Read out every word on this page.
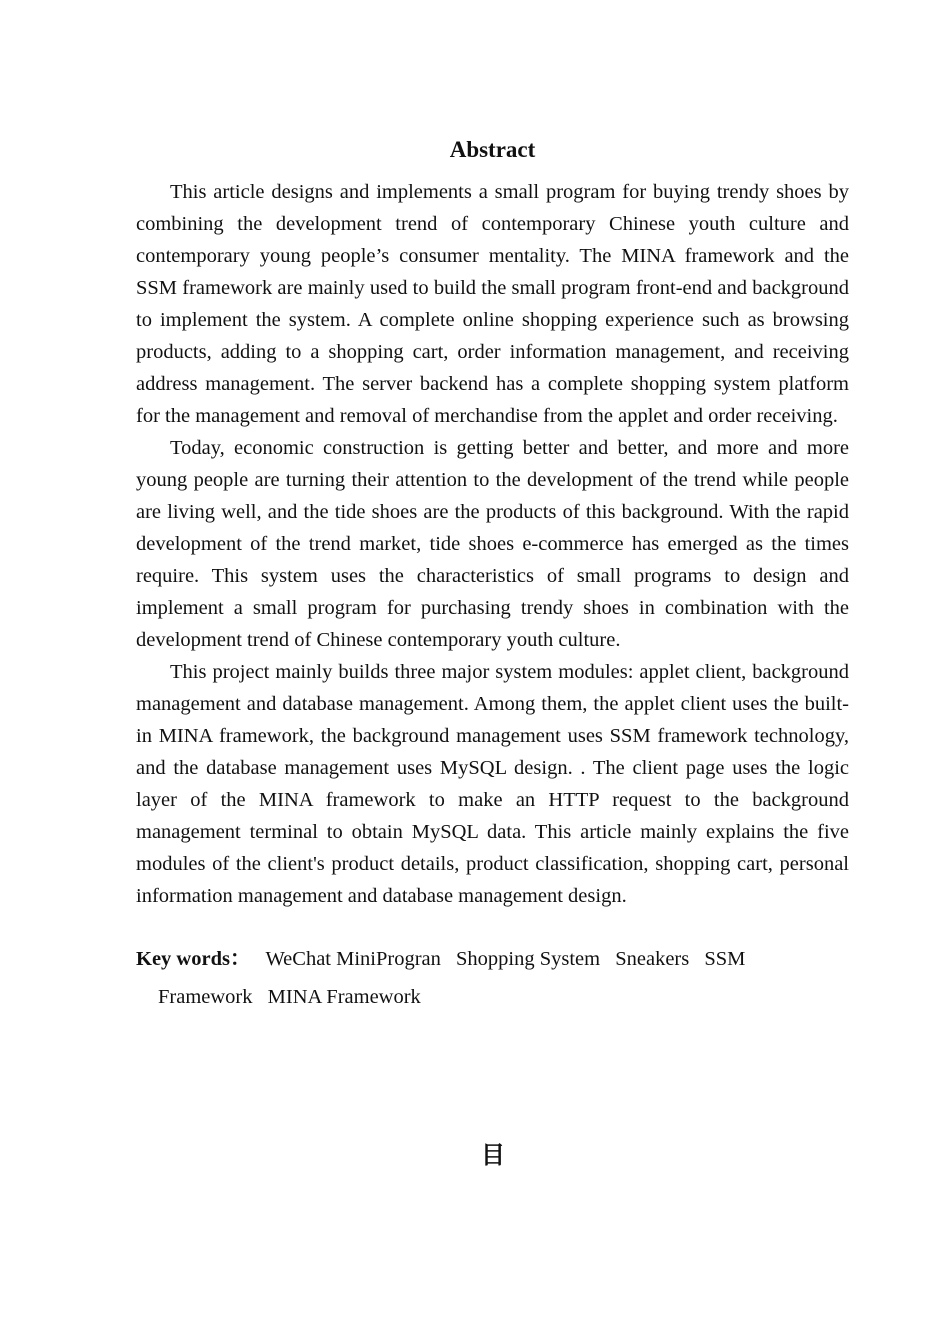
Abstract

This article designs and implements a small program for buying trendy shoes by combining the development trend of contemporary Chinese youth culture and contemporary young people’s consumer mentality. The MINA framework and the SSM framework are mainly used to build the small program front-end and background to implement the system. A complete online shopping experience such as browsing products, adding to a shopping cart, order information management, and receiving address management. The server backend has a complete shopping system platform for the management and removal of merchandise from the applet and order receiving.

Today, economic construction is getting better and better, and more and more young people are turning their attention to the development of the trend while people are living well, and the tide shoes are the products of this background. With the rapid development of the trend market, tide shoes e-commerce has emerged as the times require. This system uses the characteristics of small programs to design and implement a small program for purchasing trendy shoes in combination with the development trend of Chinese contemporary youth culture.

This project mainly builds three major system modules: applet client, background management and database management. Among them, the applet client uses the built-in MINA framework, the background management uses SSM framework technology, and the database management uses MySQL design. . The client page uses the logic layer of the MINA framework to make an HTTP request to the background management terminal to obtain MySQL data. This article mainly explains the five modules of the client's product details, product classification, shopping cart, personal information management and database management design.

Key words： WeChat MiniProgran Shopping System Sneakers SSM Framework MINA Framework
目
